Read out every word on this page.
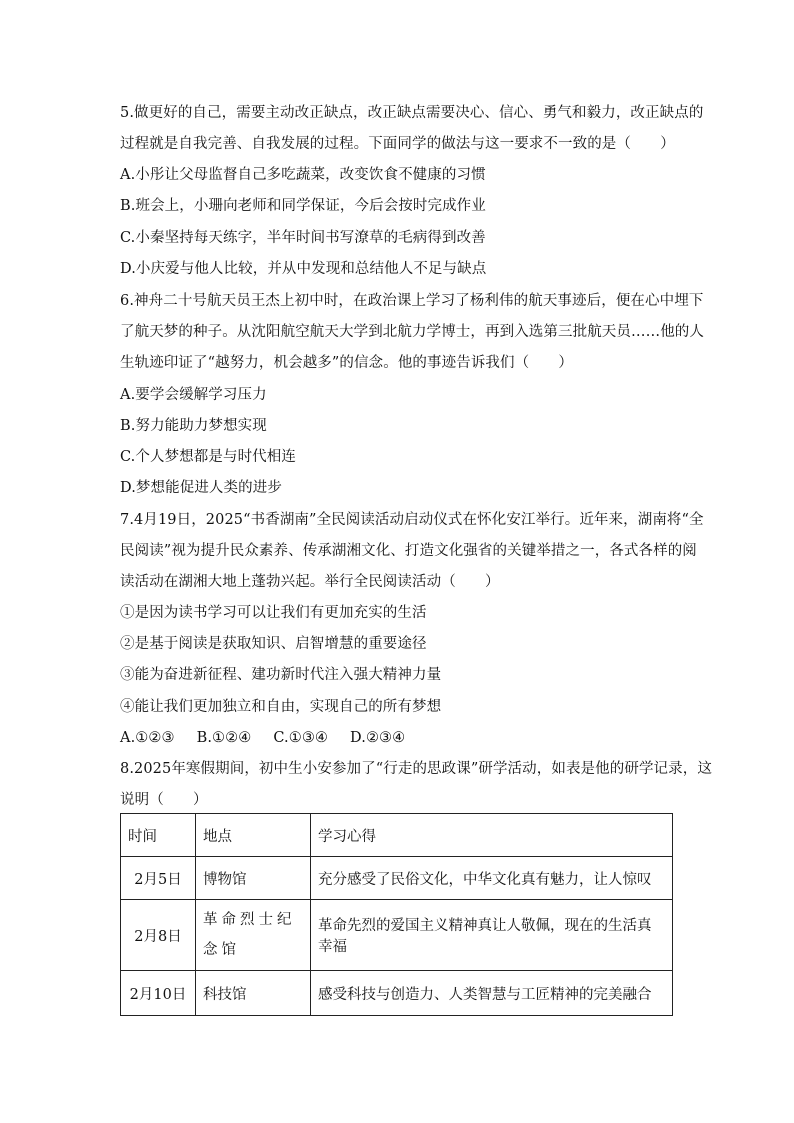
5.做更好的自己，需要主动改正缺点，改正缺点需要决心、信心、勇气和毅力，改正缺点的
过程就是自我完善、自我发展的过程。下面同学的做法与这一要求不一致的是（　　）
A.小彤让父母监督自己多吃蔬菜，改变饮食不健康的习惯
B.班会上，小珊向老师和同学保证，今后会按时完成作业
C.小秦坚持每天练字，半年时间书写潦草的毛病得到改善
D.小庆爱与他人比较，并从中发现和总结他人不足与缺点
6.神舟二十号航天员王杰上初中时，在政治课上学习了杨利伟的航天事迹后，便在心中埋下
了航天梦的种子。从沈阳航空航天大学到北航力学博士，再到入选第三批航天员……他的人
生轨迹印证了“越努力，机会越多”的信念。他的事迹告诉我们（　　）
A.要学会缓解学习压力
B.努力能助力梦想实现
C.个人梦想都是与时代相连
D.梦想能促进人类的进步
7.4月19日，2025“书香湖南”全民阅读活动启动仪式在怀化安江举行。近年来，湖南将“全
民阅读”视为提升民众素养、传承湖湘文化、打造文化强省的关键举措之一，各式各样的阅
读活动在湖湘大地上蓬勃兴起。举行全民阅读活动（　　）
①是因为读书学习可以让我们有更加充实的生活
②是基于阅读是获取知识、启智增慧的重要途径
③能为奋进新征程、建功新时代注入强大精神力量
④能让我们更加独立和自由，实现自己的所有梦想
A.①②③ B.①②④ C.①③④ D.②③④
8.2025年寒假期间，初中生小安参加了“行走的思政课”研学活动，如表是他的研学记录，这
说明（　　）
时间	地点	学习心得
2月5日	博物馆	充分感受了民俗文化，中华文化真有魅力，让人惊叹
2月8日	革命烈士纪念馆	革命先烈的爱国主义精神真让人敬佩，现在的生活真幸福
2月10日	科技馆	感受科技与创造力、人类智慧与工匠精神的完美融合
